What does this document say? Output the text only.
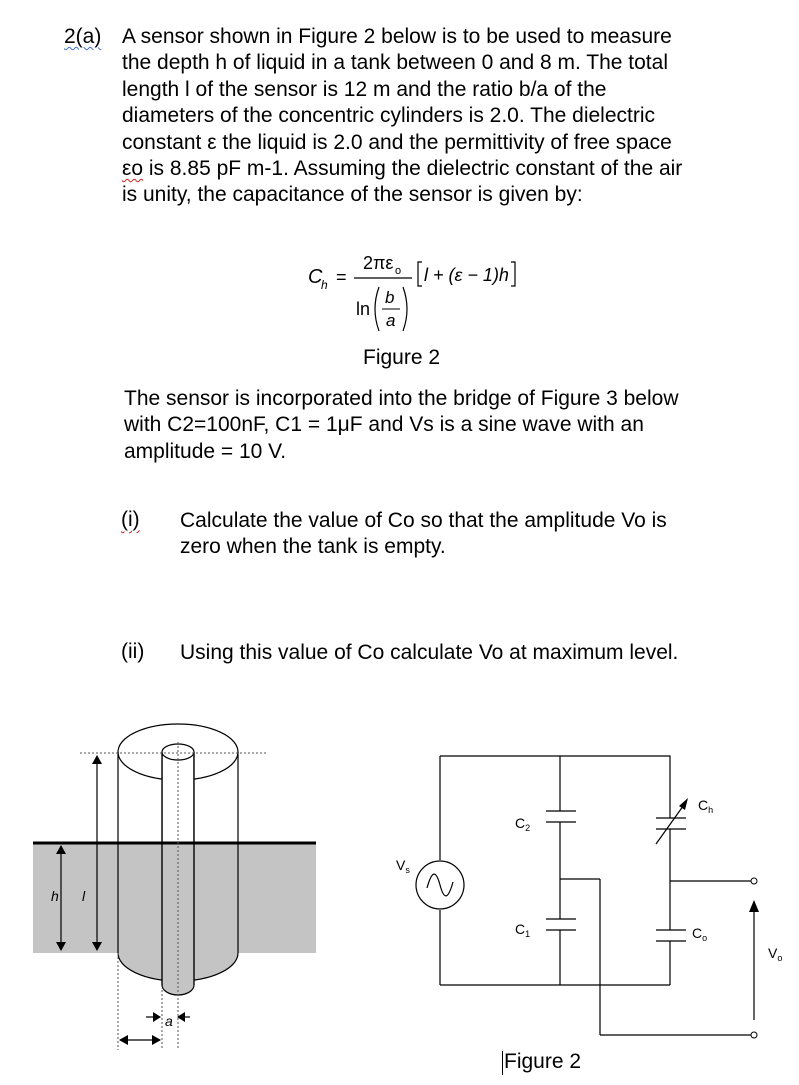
2(a) A sensor shown in Figure 2 below is to be used to measure
the depth h of liquid in a tank between 0 and 8 m. The total
length l of the sensor is 12 m and the ratio b/a of the
diameters of the concentric cylinders is 2.0. The dielectric
constant ε the liquid is 2.0 and the permittivity of free space
εo is 8.85 pF m-1. Assuming the dielectric constant of the air
is unity, the capacitance of the sensor is given by:
C
h =
2πε o
ln
b
a
l + (ε − 1)h
Figure 2
The sensor is incorporated into the bridge of Figure 3 below
with C2=100nF, C1 = 1μF and Vs is a sine wave with an
amplitude = 10 V.
(i) Calculate the value of Co so that the amplitude Vo is
zero when the tank is empty.
(ii) Using this value of Co calculate Vo at maximum level.
h l
a
$C_2$
$C_1$
$C_h$
$C_o$
$V_s$
$V_o$
Figure 2
